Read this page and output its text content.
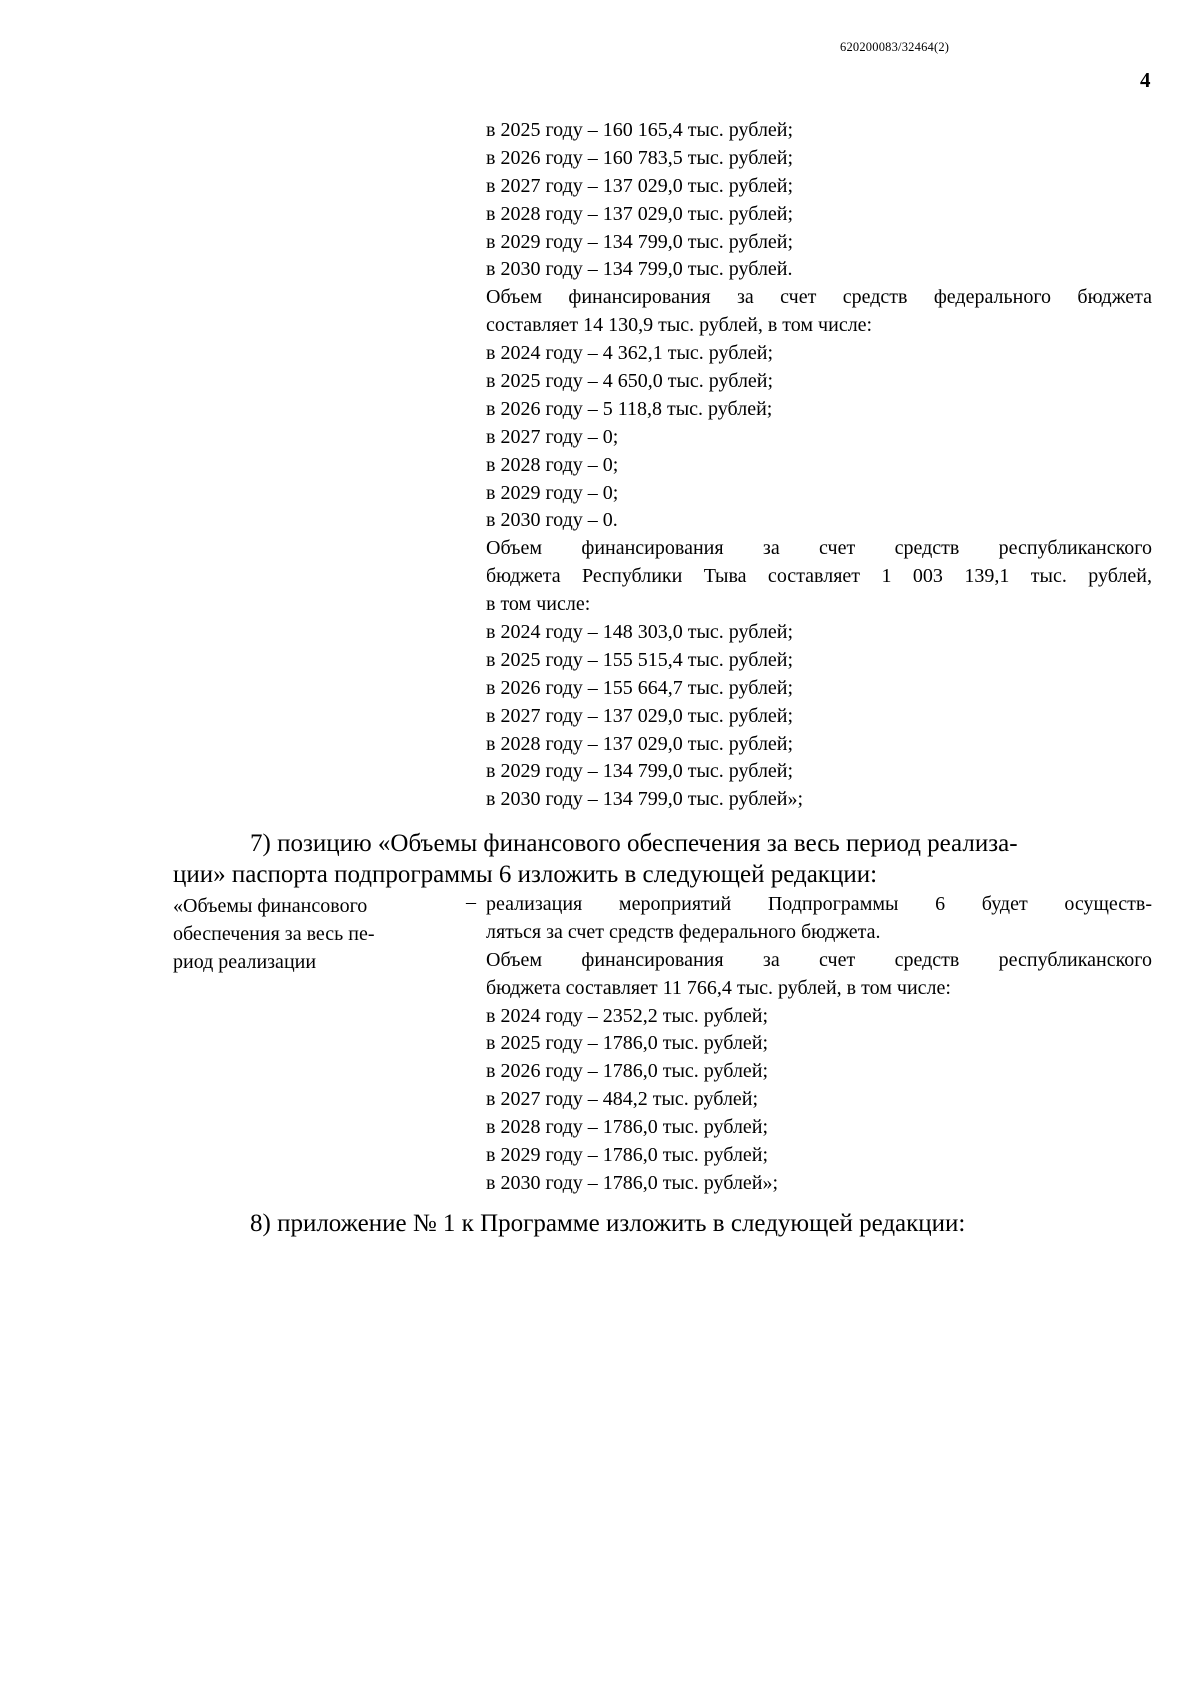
620200083/32464(2)
4
в 2025 году – 160 165,4 тыс. рублей;
в 2026 году – 160 783,5 тыс. рублей;
в 2027 году – 137 029,0 тыс. рублей;
в 2028 году – 137 029,0 тыс. рублей;
в 2029 году – 134 799,0 тыс. рублей;
в 2030 году – 134 799,0 тыс. рублей.
Объем финансирования за счет средств федерального бюджета
составляет 14 130,9 тыс. рублей, в том числе:
в 2024 году – 4 362,1 тыс. рублей;
в 2025 году – 4 650,0 тыс. рублей;
в 2026 году – 5 118,8 тыс. рублей;
в 2027 году – 0;
в 2028 году – 0;
в 2029 году – 0;
в 2030 году – 0.
Объем финансирования за счет средств республиканского
бюджета Республики Тыва составляет 1 003 139,1 тыс. рублей,
в том числе:
в 2024 году – 148 303,0 тыс. рублей;
в 2025 году – 155 515,4 тыс. рублей;
в 2026 году – 155 664,7 тыс. рублей;
в 2027 году – 137 029,0 тыс. рублей;
в 2028 году – 137 029,0 тыс. рублей;
в 2029 году – 134 799,0 тыс. рублей;
в 2030 году – 134 799,0 тыс. рублей»;
7) позицию «Объемы финансового обеспечения за весь период реализа-
ции» паспорта подпрограммы 6 изложить в следующей редакции:
«Объемы финансового
обеспечения за весь пе-
риод реализации
– реализация мероприятий Подпрограммы 6 будет осуществ-
ляться за счет средств федерального бюджета.
Объем финансирования за счет средств республиканского
бюджета составляет 11 766,4 тыс. рублей, в том числе:
в 2024 году – 2352,2 тыс. рублей;
в 2025 году – 1786,0 тыс. рублей;
в 2026 году – 1786,0 тыс. рублей;
в 2027 году – 484,2 тыс. рублей;
в 2028 году – 1786,0 тыс. рублей;
в 2029 году – 1786,0 тыс. рублей;
в 2030 году – 1786,0 тыс. рублей»;
8) приложение № 1 к Программе изложить в следующей редакции:
